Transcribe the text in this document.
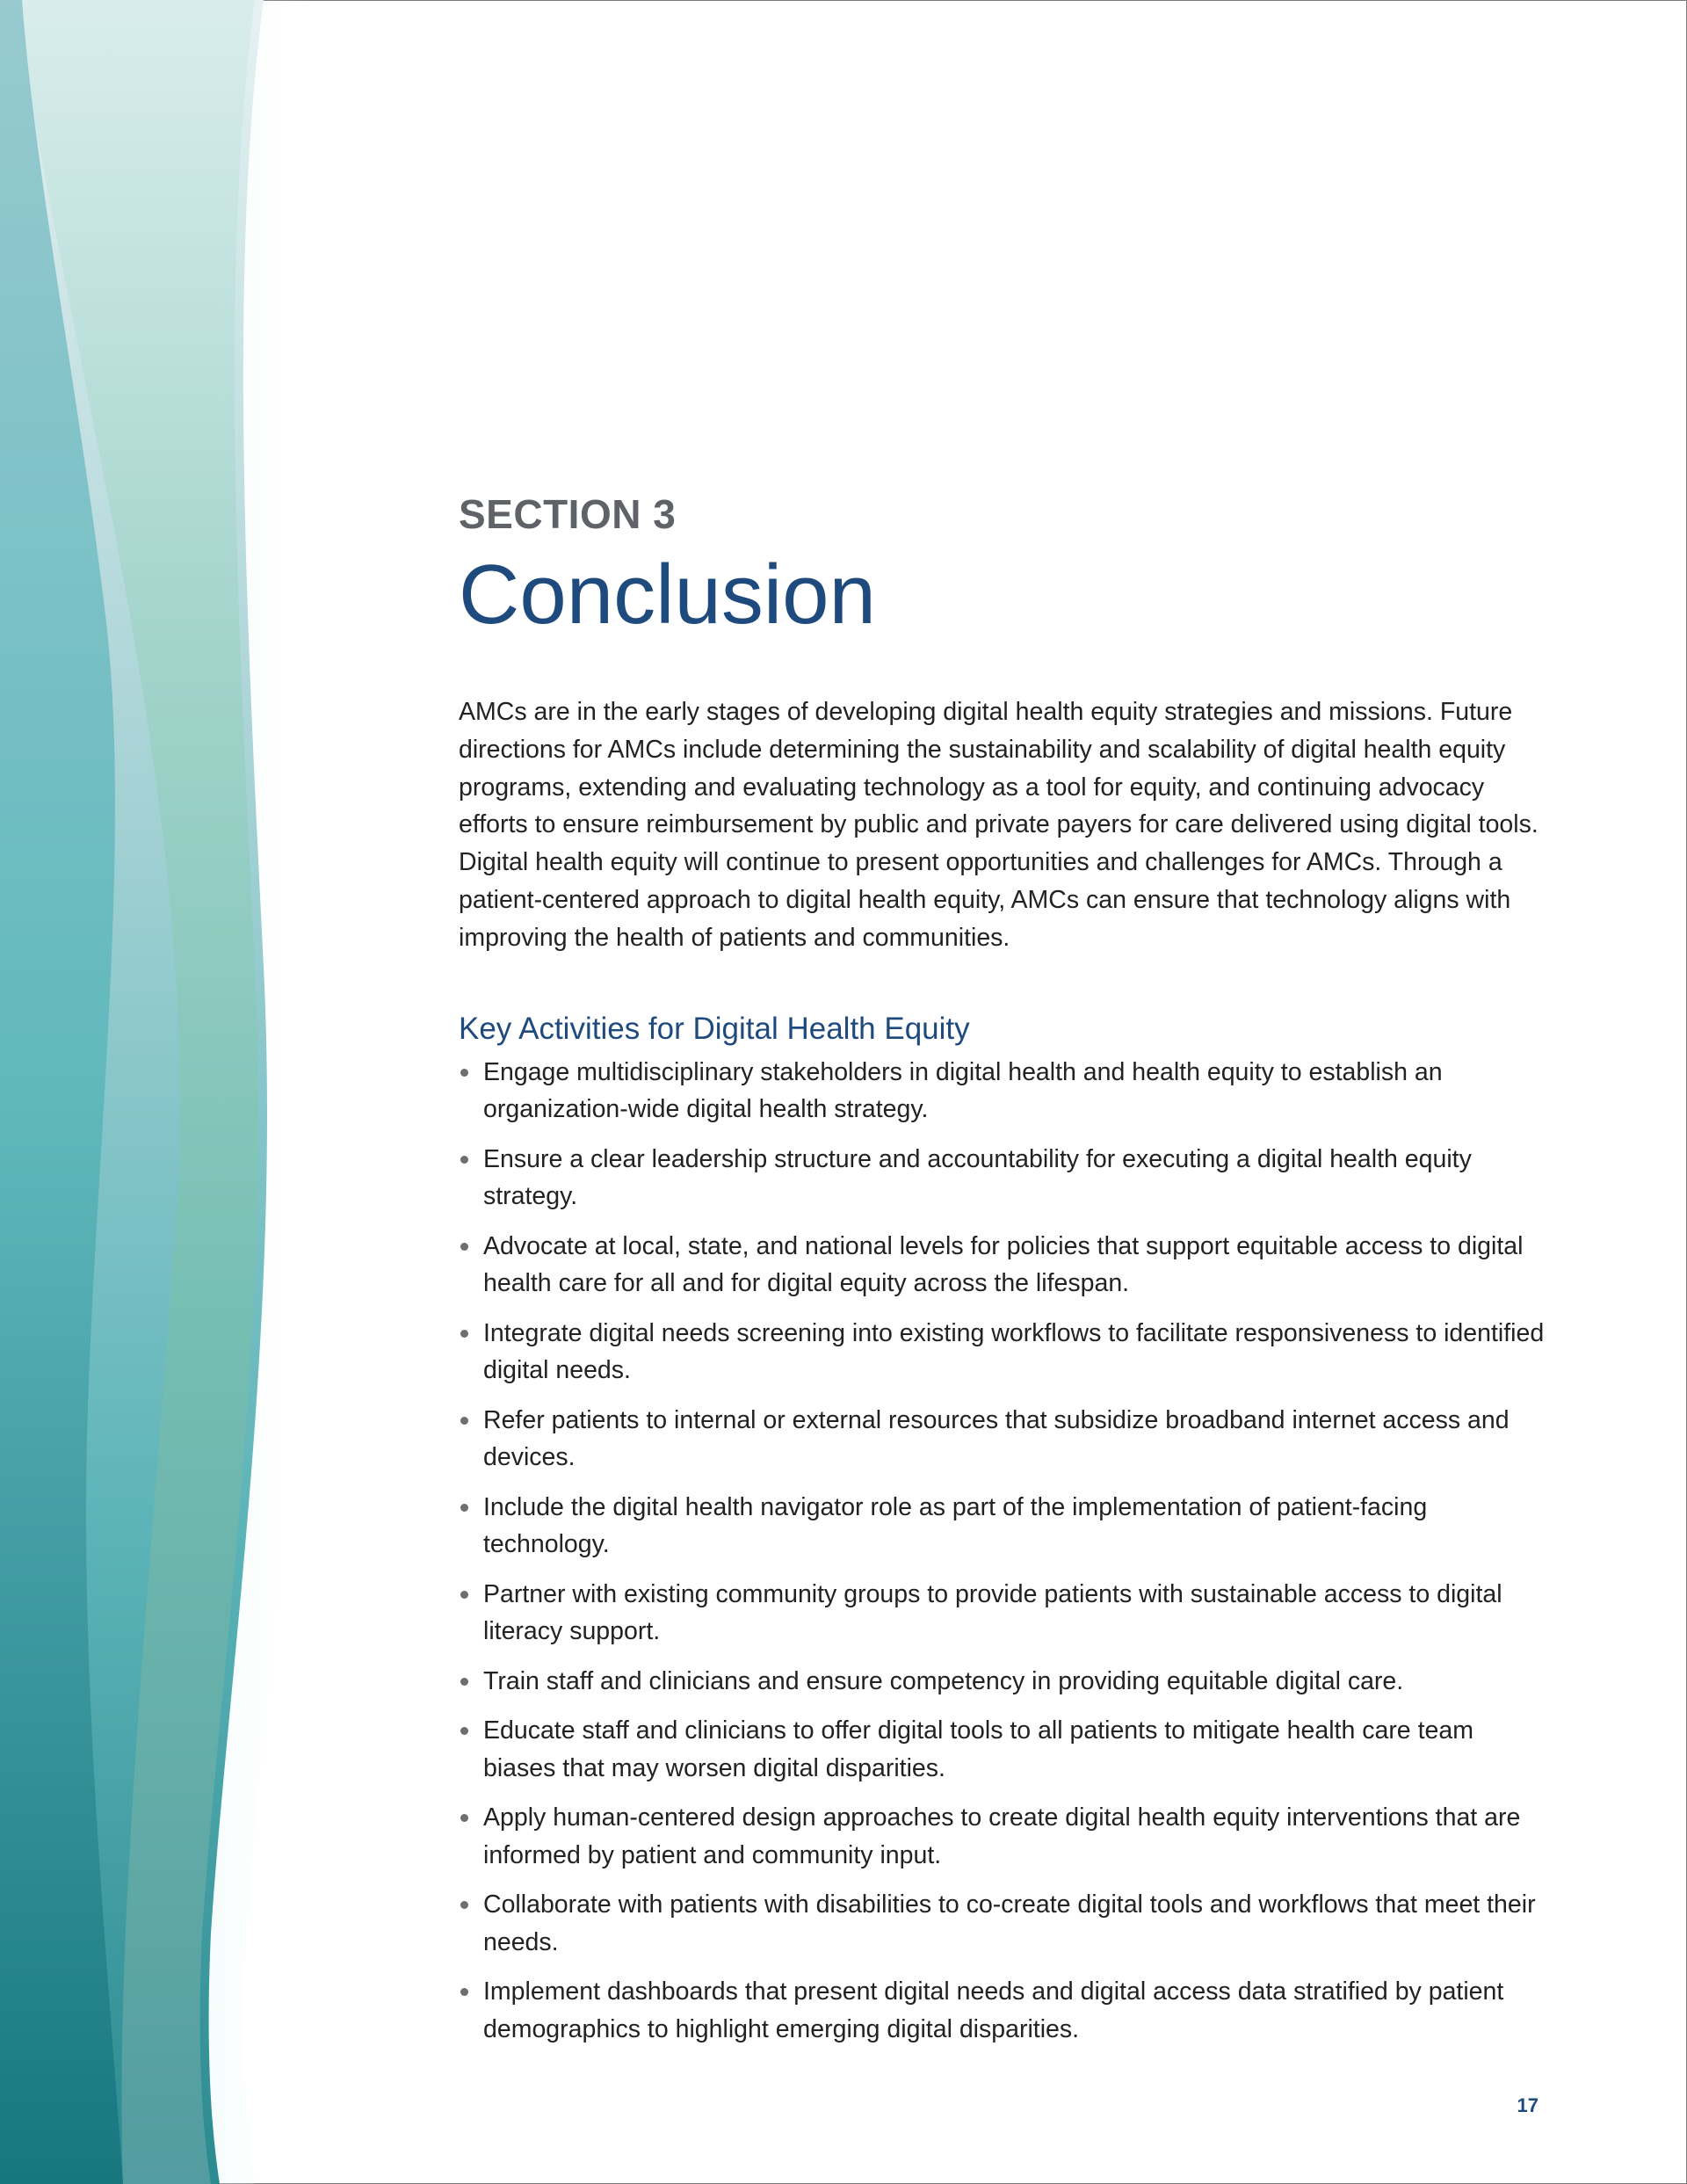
SECTION 3
Conclusion

AMCs are in the early stages of developing digital health equity strategies and missions. Future directions for AMCs include determining the sustainability and scalability of digital health equity programs, extending and evaluating technology as a tool for equity, and continuing advocacy efforts to ensure reimbursement by public and private payers for care delivered using digital tools. Digital health equity will continue to present opportunities and challenges for AMCs. Through a patient-centered approach to digital health equity, AMCs can ensure that technology aligns with improving the health of patients and communities.

Key Activities for Digital Health Equity
Engage multidisciplinary stakeholders in digital health and health equity to establish an organization-wide digital health strategy.
Ensure a clear leadership structure and accountability for executing a digital health equity strategy.
Advocate at local, state, and national levels for policies that support equitable access to digital health care for all and for digital equity across the lifespan.
Integrate digital needs screening into existing workflows to facilitate responsiveness to identified digital needs.
Refer patients to internal or external resources that subsidize broadband internet access and devices.
Include the digital health navigator role as part of the implementation of patient-facing technology.
Partner with existing community groups to provide patients with sustainable access to digital literacy support.
Train staff and clinicians and ensure competency in providing equitable digital care.
Educate staff and clinicians to offer digital tools to all patients to mitigate health care team biases that may worsen digital disparities.
Apply human-centered design approaches to create digital health equity interventions that are informed by patient and community input.
Collaborate with patients with disabilities to co-create digital tools and workflows that meet their needs.
Implement dashboards that present digital needs and digital access data stratified by patient demographics to highlight emerging digital disparities.
17
